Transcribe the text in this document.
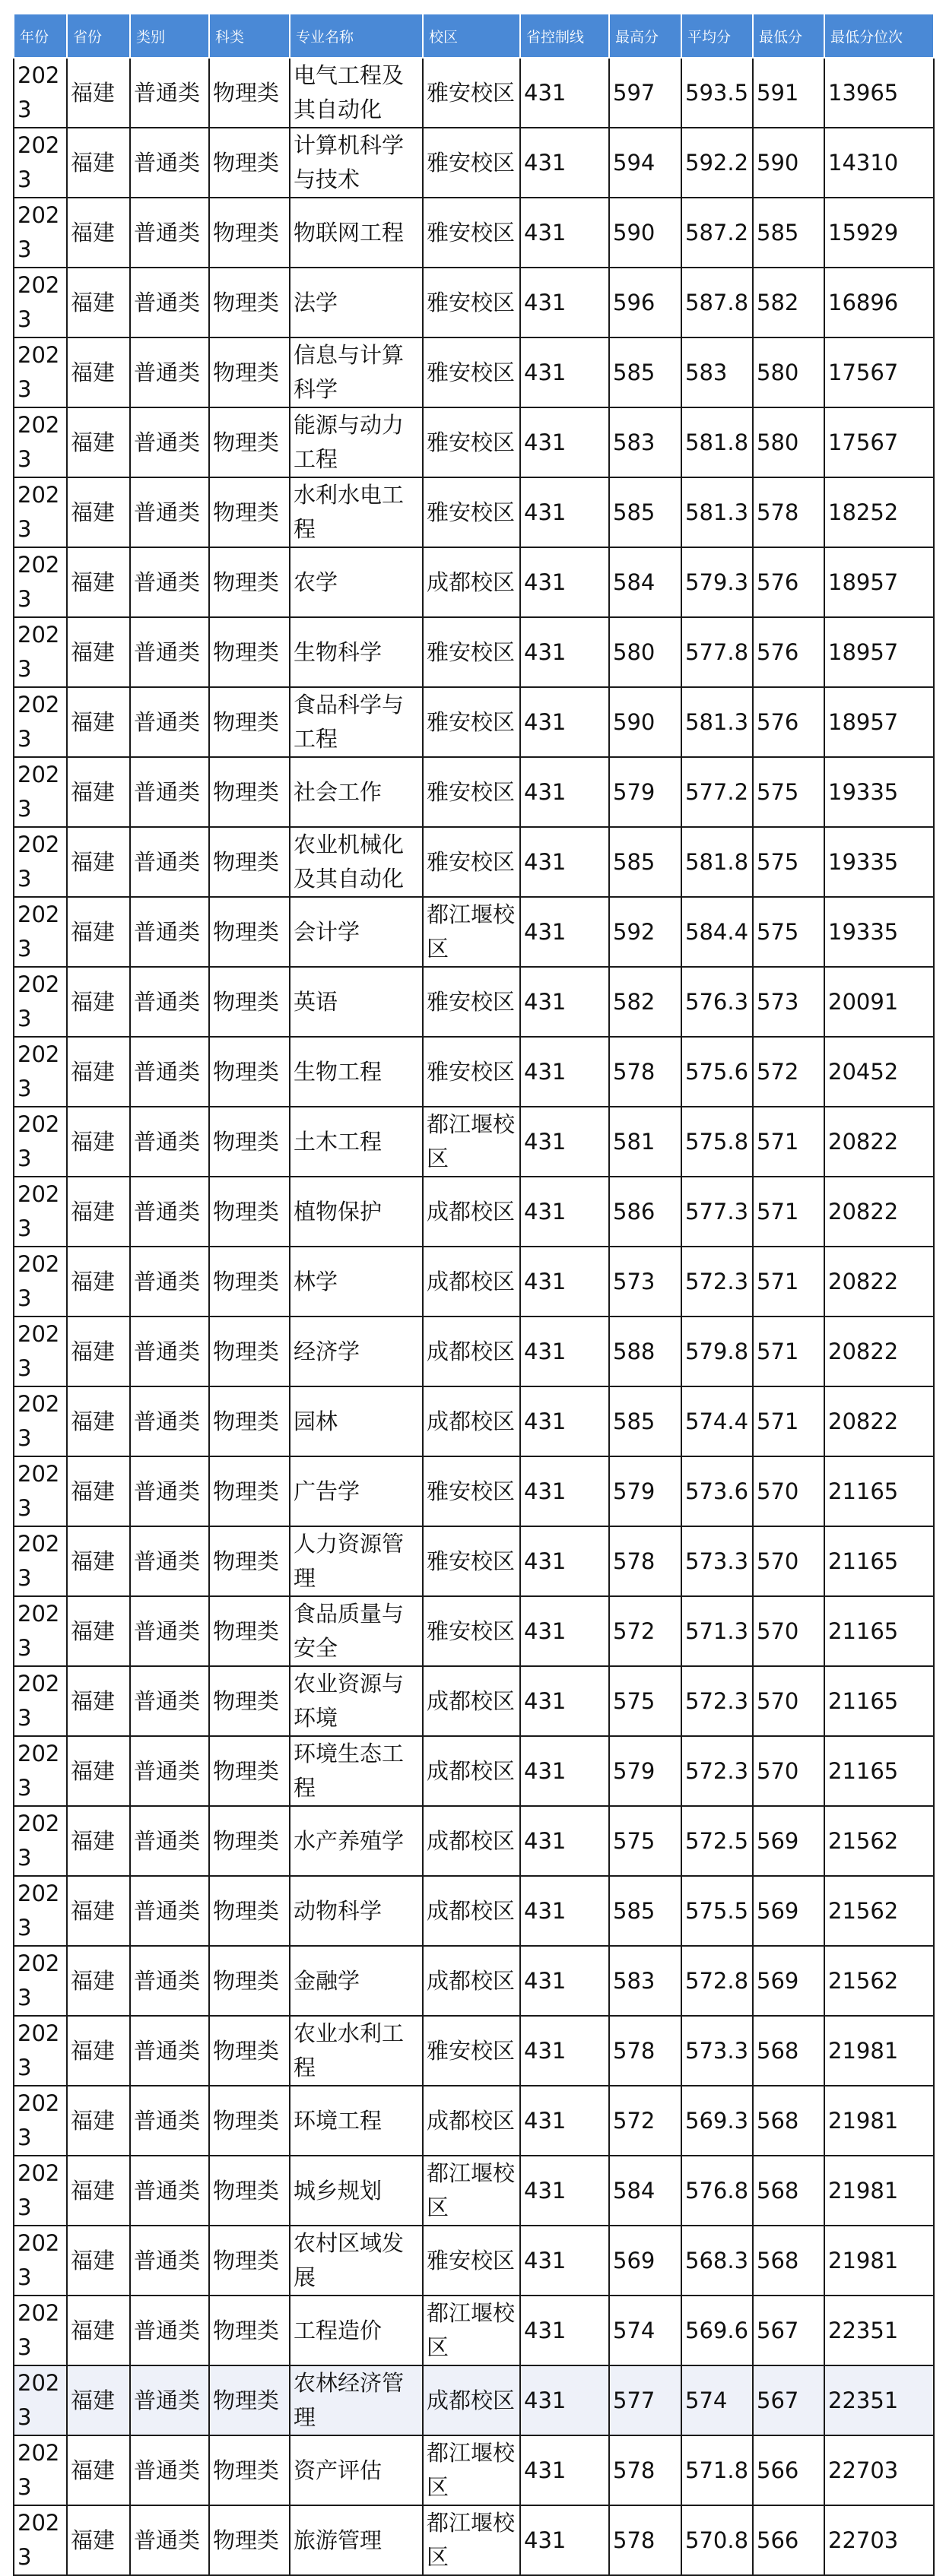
年份	省份	类别	科类	专业名称	校区	省控制线	最高分	平均分	最低分	最低分位次
2023	福建	普通类	物理类	电气工程及其自动化	雅安校区	431	597	593.5	591	13965
2023	福建	普通类	物理类	计算机科学与技术	雅安校区	431	594	592.2	590	14310
2023	福建	普通类	物理类	物联网工程	雅安校区	431	590	587.2	585	15929
2023	福建	普通类	物理类	法学	雅安校区	431	596	587.8	582	16896
2023	福建	普通类	物理类	信息与计算科学	雅安校区	431	585	583	580	17567
2023	福建	普通类	物理类	能源与动力工程	雅安校区	431	583	581.8	580	17567
2023	福建	普通类	物理类	水利水电工程	雅安校区	431	585	581.3	578	18252
2023	福建	普通类	物理类	农学	成都校区	431	584	579.3	576	18957
2023	福建	普通类	物理类	生物科学	雅安校区	431	580	577.8	576	18957
2023	福建	普通类	物理类	食品科学与工程	雅安校区	431	590	581.3	576	18957
2023	福建	普通类	物理类	社会工作	雅安校区	431	579	577.2	575	19335
2023	福建	普通类	物理类	农业机械化及其自动化	雅安校区	431	585	581.8	575	19335
2023	福建	普通类	物理类	会计学	都江堰校区	431	592	584.4	575	19335
2023	福建	普通类	物理类	英语	雅安校区	431	582	576.3	573	20091
2023	福建	普通类	物理类	生物工程	雅安校区	431	578	575.6	572	20452
2023	福建	普通类	物理类	土木工程	都江堰校区	431	581	575.8	571	20822
2023	福建	普通类	物理类	植物保护	成都校区	431	586	577.3	571	20822
2023	福建	普通类	物理类	林学	成都校区	431	573	572.3	571	20822
2023	福建	普通类	物理类	经济学	成都校区	431	588	579.8	571	20822
2023	福建	普通类	物理类	园林	成都校区	431	585	574.4	571	20822
2023	福建	普通类	物理类	广告学	雅安校区	431	579	573.6	570	21165
2023	福建	普通类	物理类	人力资源管理	雅安校区	431	578	573.3	570	21165
2023	福建	普通类	物理类	食品质量与安全	雅安校区	431	572	571.3	570	21165
2023	福建	普通类	物理类	农业资源与环境	成都校区	431	575	572.3	570	21165
2023	福建	普通类	物理类	环境生态工程	成都校区	431	579	572.3	570	21165
2023	福建	普通类	物理类	水产养殖学	成都校区	431	575	572.5	569	21562
2023	福建	普通类	物理类	动物科学	成都校区	431	585	575.5	569	21562
2023	福建	普通类	物理类	金融学	成都校区	431	583	572.8	569	21562
2023	福建	普通类	物理类	农业水利工程	雅安校区	431	578	573.3	568	21981
2023	福建	普通类	物理类	环境工程	成都校区	431	572	569.3	568	21981
2023	福建	普通类	物理类	城乡规划	都江堰校区	431	584	576.8	568	21981
2023	福建	普通类	物理类	农村区域发展	雅安校区	431	569	568.3	568	21981
2023	福建	普通类	物理类	工程造价	都江堰校区	431	574	569.6	567	22351
2023	福建	普通类	物理类	农林经济管理	成都校区	431	577	574	567	22351
2023	福建	普通类	物理类	资产评估	都江堰校区	431	578	571.8	566	22703
2023	福建	普通类	物理类	旅游管理	都江堰校区	431	578	570.8	566	22703
